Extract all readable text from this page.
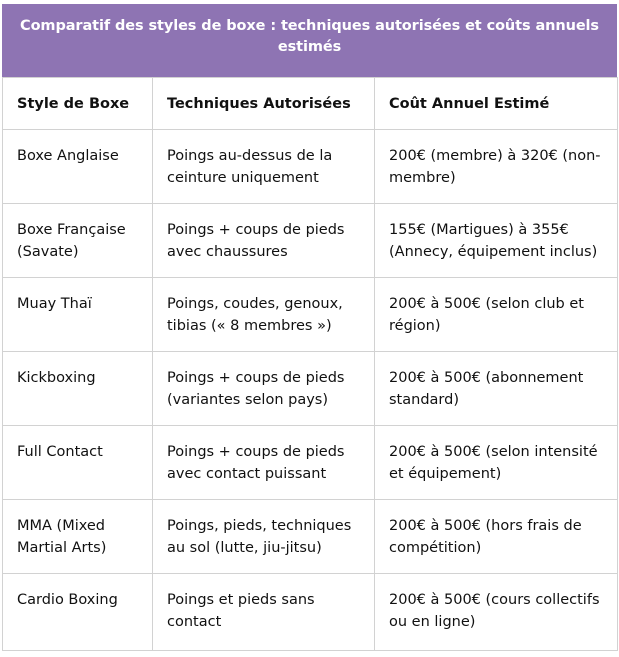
Comparatif des styles de boxe : techniques autorisées et coûts annuels estimés
Style de Boxe	Techniques Autorisées	Coût Annuel Estimé
Boxe Anglaise	Poings au-dessus de la ceinture uniquement	200€ (membre) à 320€ (non-membre)
Boxe Française (Savate)	Poings + coups de pieds avec chaussures	155€ (Martigues) à 355€ (Annecy, équipement inclus)
Muay Thaï	Poings, coudes, genoux, tibias (« 8 membres »)	200€ à 500€ (selon club et région)
Kickboxing	Poings + coups de pieds (variantes selon pays)	200€ à 500€ (abonnement standard)
Full Contact	Poings + coups de pieds avec contact puissant	200€ à 500€ (selon intensité et équipement)
MMA (Mixed Martial Arts)	Poings, pieds, techniques au sol (lutte, jiu-jitsu)	200€ à 500€ (hors frais de compétition)
Cardio Boxing	Poings et pieds sans contact	200€ à 500€ (cours collectifs ou en ligne)
